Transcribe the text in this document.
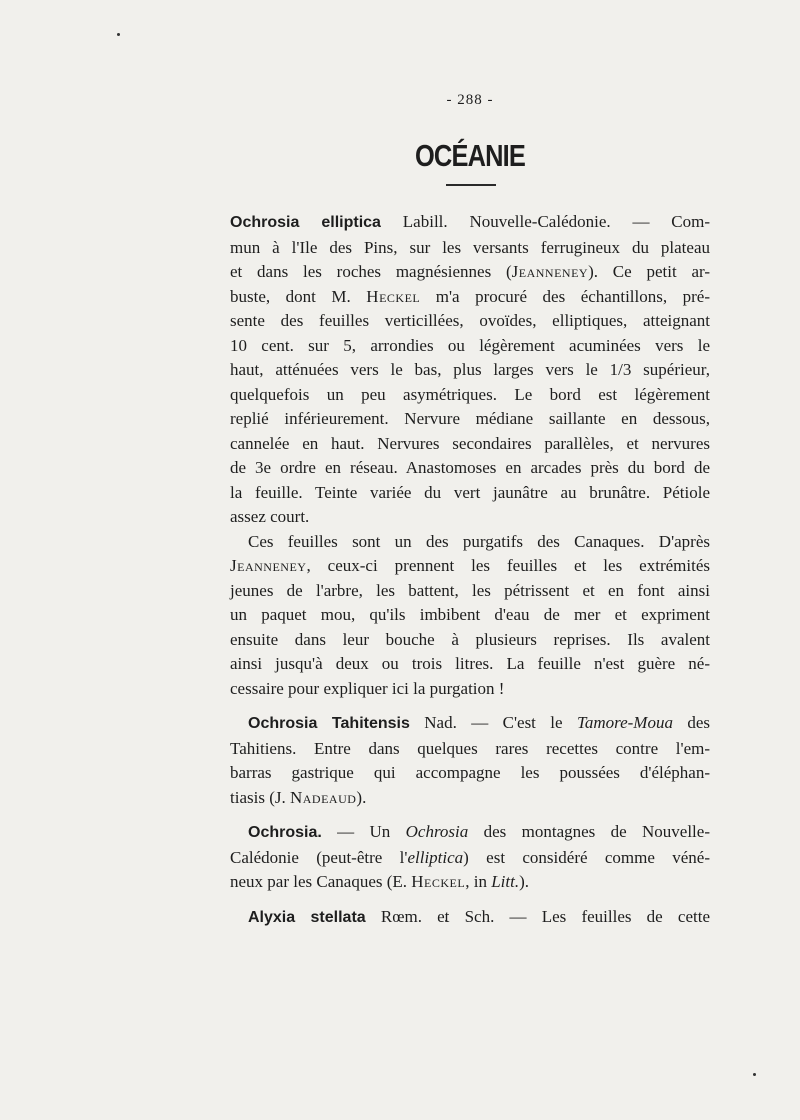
- 288 -
OCÉANIE

Ochrosia elliptica Labill. Nouvelle-Calédonie. — Com-
mun à l'Ile des Pins, sur les versants ferrugineux du plateau
et dans les roches magnésiennes (Jeanneney). Ce petit ar-
buste, dont M. Heckel m'a procuré des échantillons, pré-
sente des feuilles verticillées, ovoïdes, elliptiques, atteignant
10 cent. sur 5, arrondies ou légèrement acuminées vers le
haut, atténuées vers le bas, plus larges vers le 1/3 supérieur,
quelquefois un peu asymétriques. Le bord est légèrement
replié inférieurement. Nervure médiane saillante en dessous,
cannelée en haut. Nervures secondaires parallèles, et nervures
de 3e ordre en réseau. Anastomoses en arcades près du bord de
la feuille. Teinte variée du vert jaunâtre au brunâtre. Pétiole
assez court.

Ces feuilles sont un des purgatifs des Canaques. D'après
Jeanneney, ceux-ci prennent les feuilles et les extrémités
jeunes de l'arbre, les battent, les pétrissent et en font ainsi
un paquet mou, qu'ils imbibent d'eau de mer et expriment
ensuite dans leur bouche à plusieurs reprises. Ils avalent
ainsi jusqu'à deux ou trois litres. La feuille n'est guère né-
cessaire pour expliquer ici la purgation !

Ochrosia Tahitensis Nad. — C'est le Tamore-Moua des
Tahitiens. Entre dans quelques rares recettes contre l'em-
barras gastrique qui accompagne les poussées d'éléphan-
tiasis (J. Nadeaud).

Ochrosia. — Un Ochrosia des montagnes de Nouvelle-
Calédonie (peut-être l'elliptica) est considéré comme véné-
neux par les Canaques (E. Heckel, in Litt.).

Alyxia stellata Rœm. et Sch. — Les feuilles de cette
